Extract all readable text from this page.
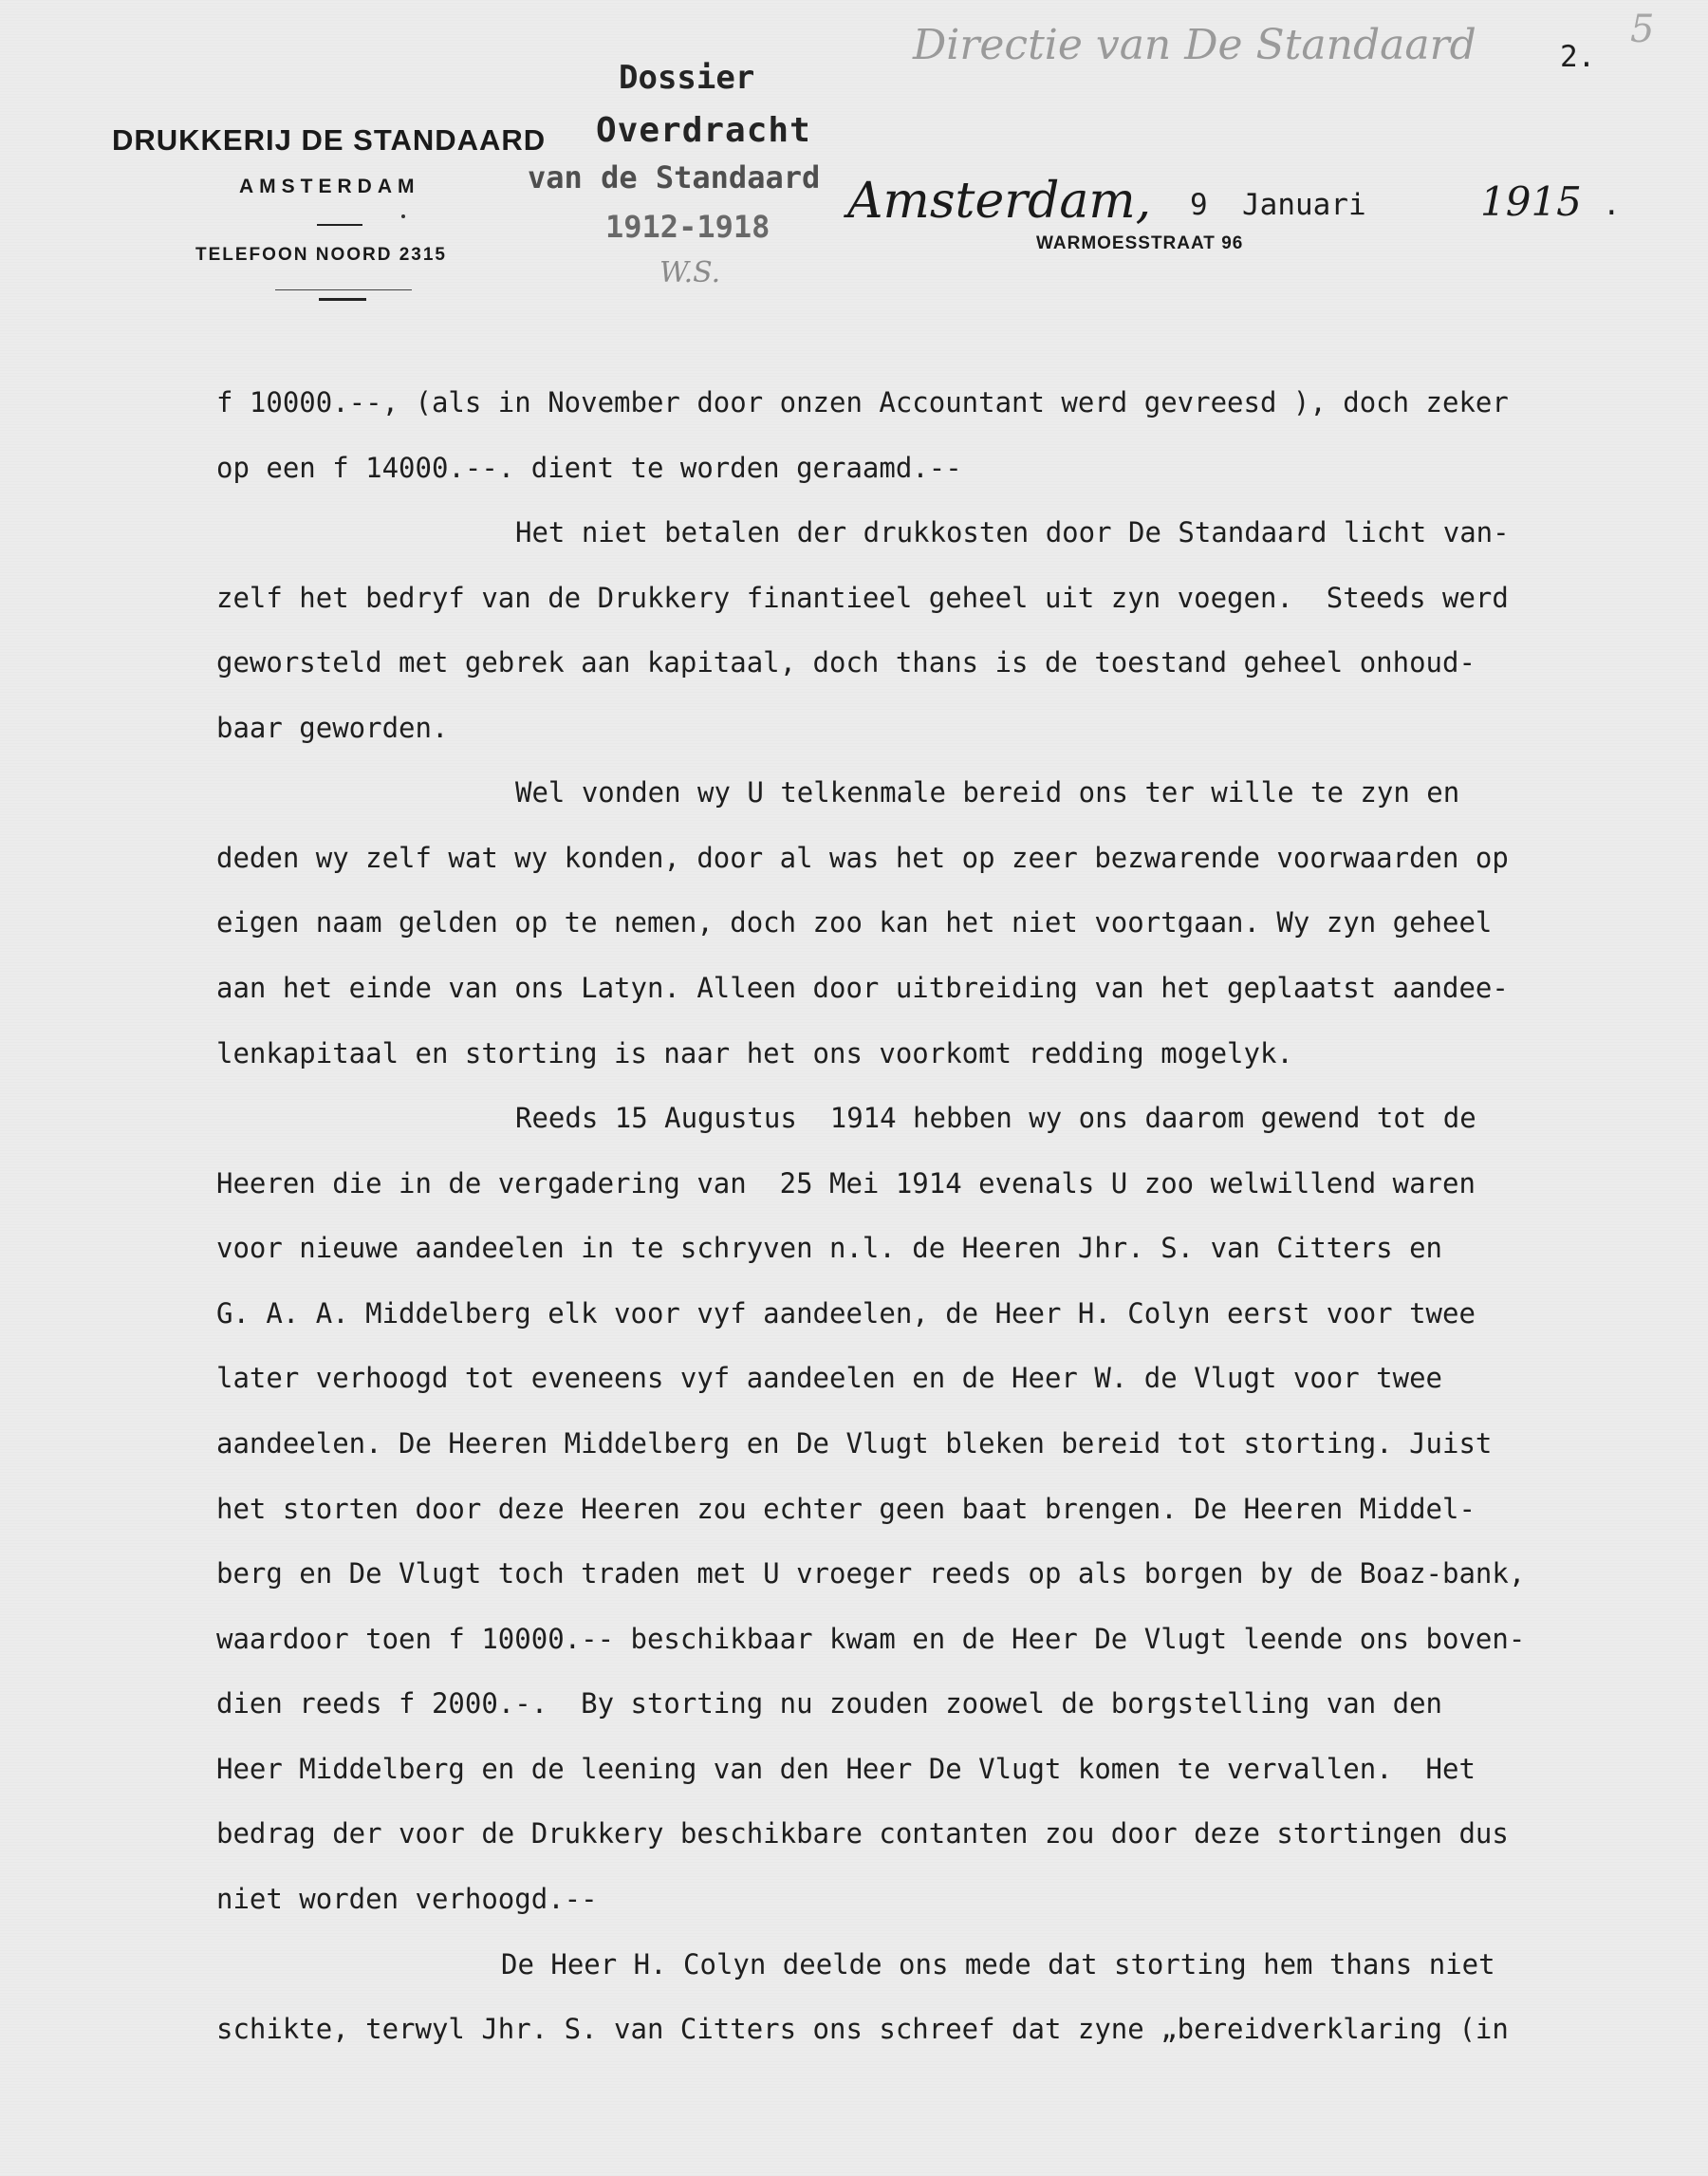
DRUKKERIJ DE STANDAARD
AMSTERDAM
TELEFOON NOORD 2315
Dossier
Overdracht
van de Standaard
1912-1918
W.S.
Amsterdam, 9 Januari	1915 .
WARMOESSTRAAT 96
Directie van De Standaard	2.
5
f 10000.--, (als in November door onzen Accountant werd gevreesd ), doch zeker
op een f 14000.--. dient te worden geraamd.--
Het niet betalen der drukkosten door De Standaard licht van-
zelf het bedryf van de Drukkery finantieel geheel uit zyn voegen.  Steeds werd
geworsteld met gebrek aan kapitaal, doch thans is de toestand geheel onhoud-
baar geworden.
Wel vonden wy U telkenmale bereid ons ter wille te zyn en
deden wy zelf wat wy konden, door al was het op zeer bezwarende voorwaarden op
eigen naam gelden op te nemen, doch zoo kan het niet voortgaan. Wy zyn geheel
aan het einde van ons Latyn. Alleen door uitbreiding van het geplaatst aandee-
lenkapitaal en storting is naar het ons voorkomt redding mogelyk.
Reeds 15 Augustus  1914 hebben wy ons daarom gewend tot de
Heeren die in de vergadering van  25 Mei 1914 evenals U zoo welwillend waren
voor nieuwe aandeelen in te schryven n.l. de Heeren Jhr. S. van Citters en
G. A. A. Middelberg elk voor vyf aandeelen, de Heer H. Colyn eerst voor twee
later verhoogd tot eveneens vyf aandeelen en de Heer W. de Vlugt voor twee
aandeelen. De Heeren Middelberg en De Vlugt bleken bereid tot storting. Juist
het storten door deze Heeren zou echter geen baat brengen. De Heeren Middel-
berg en De Vlugt toch traden met U vroeger reeds op als borgen by de Boaz-bank,
waardoor toen f 10000.-- beschikbaar kwam en de Heer De Vlugt leende ons boven-
dien reeds f 2000.-.  By storting nu zouden zoowel de borgstelling van den
Heer Middelberg en de leening van den Heer De Vlugt komen te vervallen.  Het
bedrag der voor de Drukkery beschikbare contanten zou door deze stortingen dus
niet worden verhoogd.--
De Heer H. Colyn deelde ons mede dat storting hem thans niet
schikte, terwyl Jhr. S. van Citters ons schreef dat zyne „bereidverklaring (in
